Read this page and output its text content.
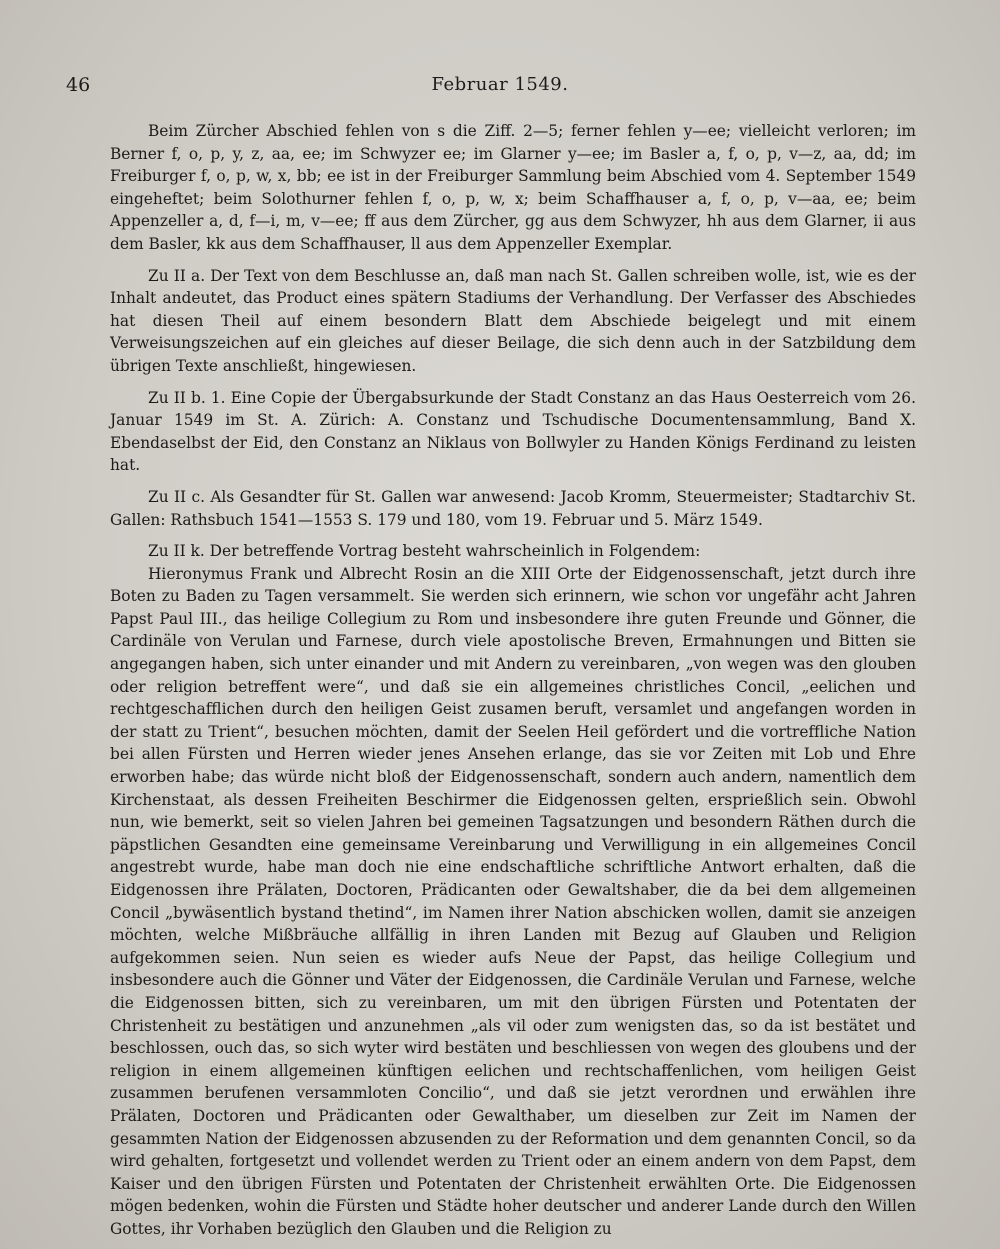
46	Februar 1549.

Beim Zürcher Abschied fehlen von s die Ziff. 2—5; ferner fehlen y—ee; vielleicht verloren; im Berner f, o, p, y, z, aa, ee; im Schwyzer ee; im Glarner y—ee; im Basler a, f, o, p, v—z, aa, dd; im Freiburger f, o, p, w, x, bb; ee ist in der Freiburger Sammlung beim Abschied vom 4. September 1549 eingeheftet; beim Solothurner fehlen f, o, p, w, x; beim Schaffhauser a, f, o, p, v—aa, ee; beim Appenzeller a, d, f—i, m, v—ee; ff aus dem Zürcher, gg aus dem Schwyzer, hh aus dem Glarner, ii aus dem Basler, kk aus dem Schaffhauser, ll aus dem Appenzeller Exemplar.

Zu II a. Der Text von dem Beschlusse an, daß man nach St. Gallen schreiben wolle, ist, wie es der Inhalt andeutet, das Product eines spätern Stadiums der Verhandlung. Der Verfasser des Abschiedes hat diesen Theil auf einem besondern Blatt dem Abschiede beigelegt und mit einem Verweisungszeichen auf ein gleiches auf dieser Beilage, die sich denn auch in der Satzbildung dem übrigen Texte anschließt, hingewiesen.

Zu II b. 1. Eine Copie der Übergabsurkunde der Stadt Constanz an das Haus Oesterreich vom 26. Januar 1549 im St. A. Zürich: A. Constanz und Tschudische Documentensammlung, Band X. Ebendaselbst der Eid, den Constanz an Niklaus von Bollwyler zu Handen Königs Ferdinand zu leisten hat.

Zu II c. Als Gesandter für St. Gallen war anwesend: Jacob Kromm, Steuermeister; Stadtarchiv St. Gallen: Rathsbuch 1541—1553 S. 179 und 180, vom 19. Februar und 5. März 1549.

Zu II k. Der betreffende Vortrag besteht wahrscheinlich in Folgendem:

Hieronymus Frank und Albrecht Rosin an die XIII Orte der Eidgenossenschaft, jetzt durch ihre Boten zu Baden zu Tagen versammelt. Sie werden sich erinnern, wie schon vor ungefähr acht Jahren Papst Paul III., das heilige Collegium zu Rom und insbesondere ihre guten Freunde und Gönner, die Cardinäle von Verulan und Farnese, durch viele apostolische Breven, Ermahnungen und Bitten sie angegangen haben, sich unter einander und mit Andern zu vereinbaren, „von wegen was den glouben oder religion betreffent were“, und daß sie ein allgemeines christliches Concil, „eelichen und rechtgeschafflichen durch den heiligen Geist zusamen beruft, versamlet und angefangen worden in der statt zu Trient“, besuchen möchten, damit der Seelen Heil gefördert und die vortreffliche Nation bei allen Fürsten und Herren wieder jenes Ansehen erlange, das sie vor Zeiten mit Lob und Ehre erworben habe; das würde nicht bloß der Eidgenossenschaft, sondern auch andern, namentlich dem Kirchenstaat, als dessen Freiheiten Beschirmer die Eidgenossen gelten, ersprießlich sein. Obwohl nun, wie bemerkt, seit so vielen Jahren bei gemeinen Tagsatzungen und besondern Räthen durch die päpstlichen Gesandten eine gemeinsame Vereinbarung und Verwilligung in ein allgemeines Concil angestrebt wurde, habe man doch nie eine endschaftliche schriftliche Antwort erhalten, daß die Eidgenossen ihre Prälaten, Doctoren, Prädicanten oder Gewaltshaber, die da bei dem allgemeinen Concil „bywäsentlich bystand thetind“, im Namen ihrer Nation abschicken wollen, damit sie anzeigen möchten, welche Mißbräuche allfällig in ihren Landen mit Bezug auf Glauben und Religion aufgekommen seien. Nun seien es wieder aufs Neue der Papst, das heilige Collegium und insbesondere auch die Gönner und Väter der Eidgenossen, die Cardinäle Verulan und Farnese, welche die Eidgenossen bitten, sich zu vereinbaren, um mit den übrigen Fürsten und Potentaten der Christenheit zu bestätigen und anzunehmen „als vil oder zum wenigsten das, so da ist bestätet und beschlossen, ouch das, so sich wyter wird bestäten und beschliessen von wegen des gloubens und der religion in einem allgemeinen künftigen eelichen und rechtschaffenlichen, vom heiligen Geist zusammen berufenen versammloten Concilio“, und daß sie jetzt verordnen und erwählen ihre Prälaten, Doctoren und Prädicanten oder Gewalthaber, um dieselben zur Zeit im Namen der gesammten Nation der Eidgenossen abzusenden zu der Reformation und dem genannten Concil, so da wird gehalten, fortgesetzt und vollendet werden zu Trient oder an einem andern von dem Papst, dem Kaiser und den übrigen Fürsten und Potentaten der Christenheit erwählten Orte. Die Eidgenossen mögen bedenken, wohin die Fürsten und Städte hoher deutscher und anderer Lande durch den Willen Gottes, ihr Vorhaben bezüglich den Glauben und die Religion zu
